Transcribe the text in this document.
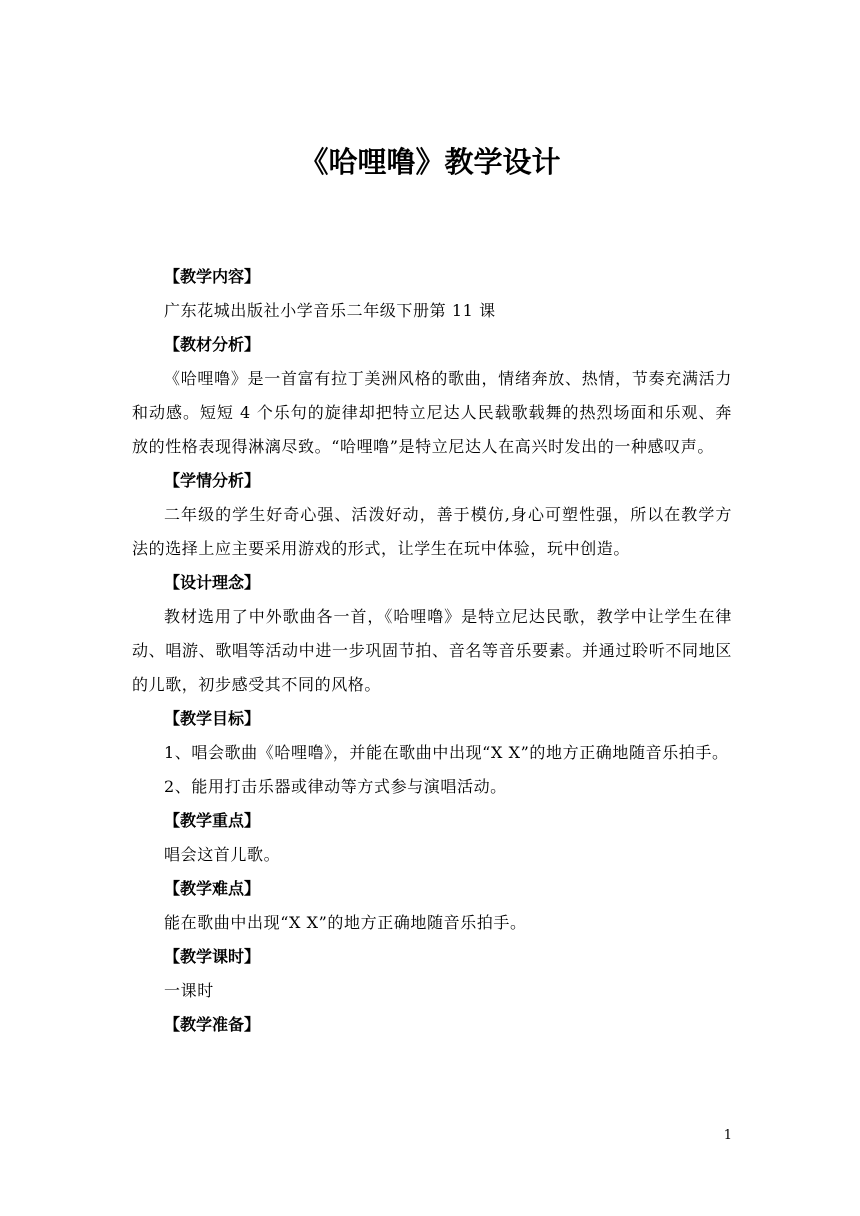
《哈哩噜》教学设计

【教学内容】

广东花城出版社小学音乐二年级下册第 11 课

【教材分析】

《哈哩噜》是一首富有拉丁美洲风格的歌曲，情绪奔放、热情，节奏充满活力和动感。短短 4 个乐句的旋律却把特立尼达人民载歌载舞的热烈场面和乐观、奔放的性格表现得淋漓尽致。“哈哩噜”是特立尼达人在高兴时发出的一种感叹声。

【学情分析】

二年级的学生好奇心强、活泼好动，善于模仿,身心可塑性强，所以在教学方法的选择上应主要采用游戏的形式，让学生在玩中体验，玩中创造。

【设计理念】

教材选用了中外歌曲各一首，《哈哩噜》是特立尼达民歌，教学中让学生在律动、唱游、歌唱等活动中进一步巩固节拍、音名等音乐要素。并通过聆听不同地区的儿歌，初步感受其不同的风格。

【教学目标】

1、唱会歌曲《哈哩噜》，并能在歌曲中出现“X X”的地方正确地随音乐拍手。

2、能用打击乐器或律动等方式参与演唱活动。

【教学重点】

唱会这首儿歌。

【教学难点】

能在歌曲中出现“X X”的地方正确地随音乐拍手。

【教学课时】

一课时

【教学准备】

1
